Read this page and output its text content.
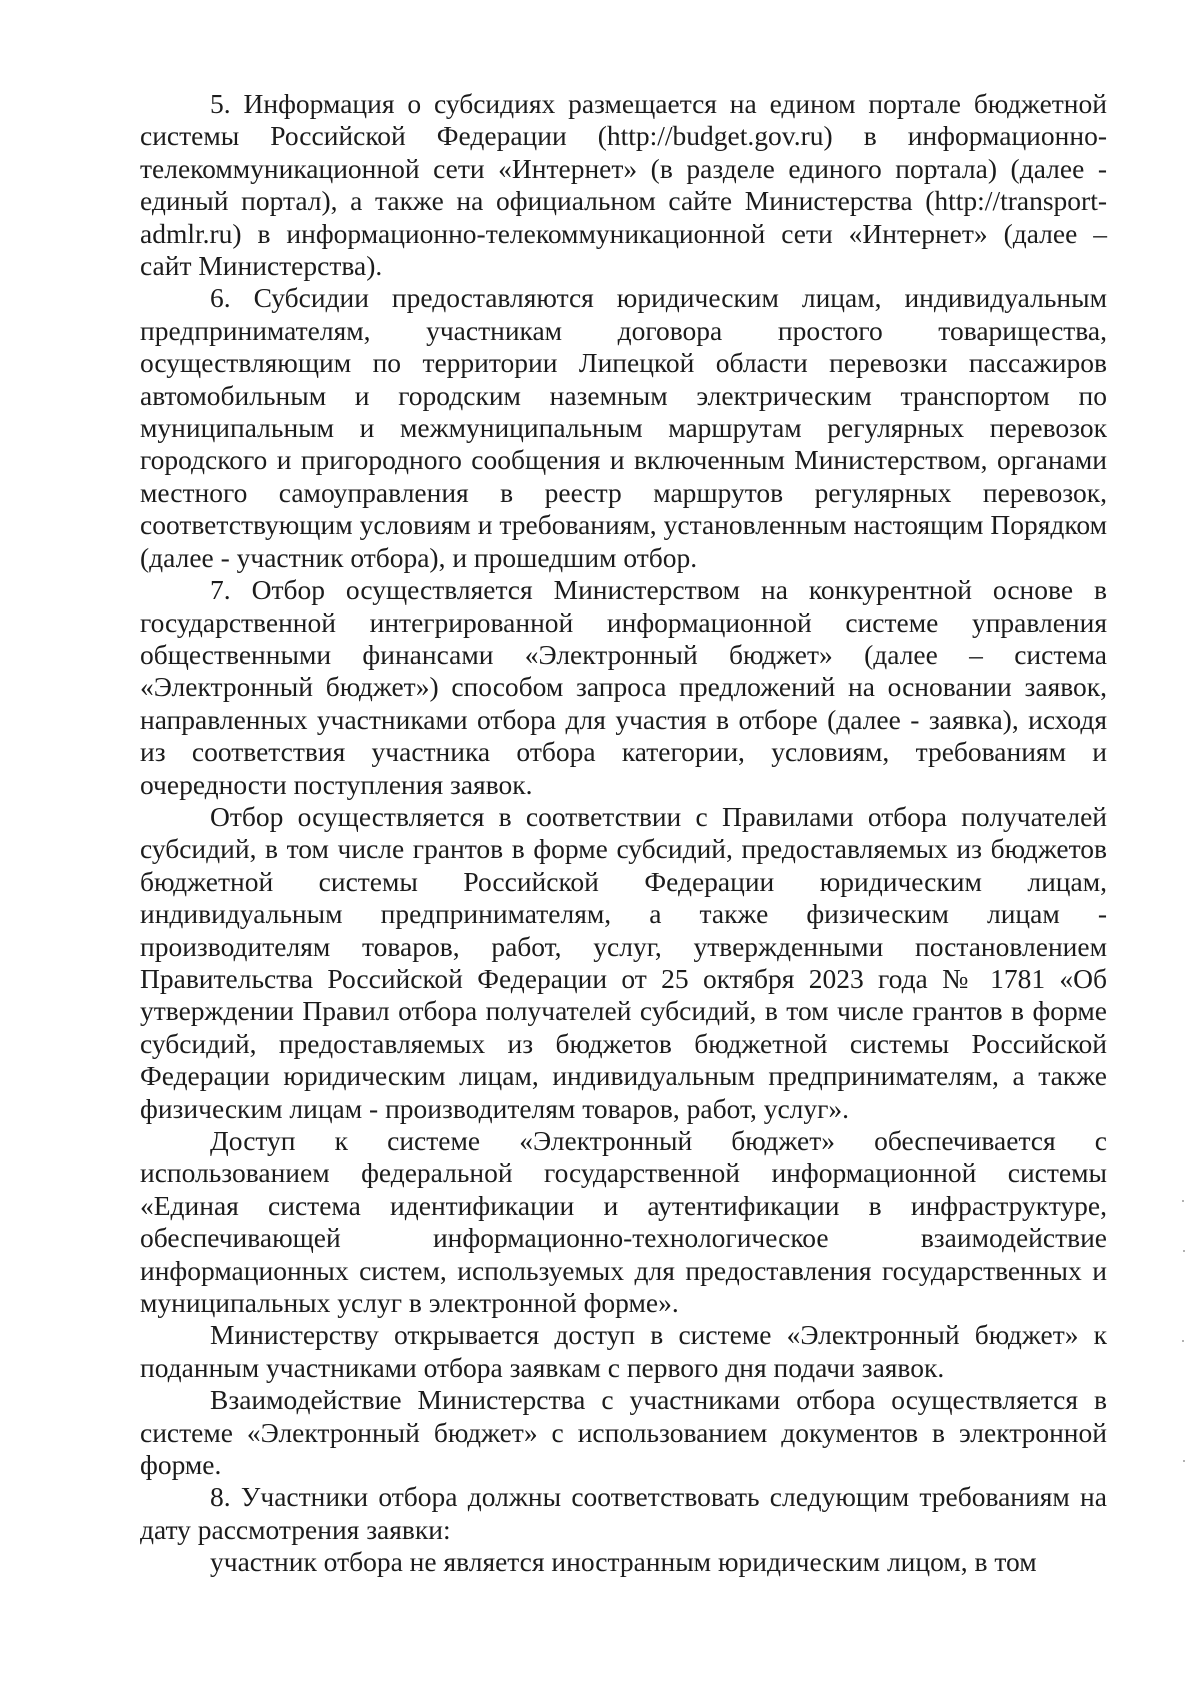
5. Информация о субсидиях размещается на едином портале бюджетной системы Российской Федерации (http://budget.gov.ru) в информационно-телекоммуникационной сети «Интернет» (в разделе единого портала) (далее - единый портал), а также на официальном сайте Министерства (http://transport-admlr.ru) в информационно-телекоммуникационной сети «Интернет» (далее – сайт Министерства).

6. Субсидии предоставляются юридическим лицам, индивидуальным предпринимателям, участникам договора простого товарищества, осуществляющим по территории Липецкой области перевозки пассажиров автомобильным и городским наземным электрическим транспортом по муниципальным и межмуниципальным маршрутам регулярных перевозок городского и пригородного сообщения и включенным Министерством, органами местного самоуправления в реестр маршрутов регулярных перевозок, соответствующим условиям и требованиям, установленным настоящим Порядком (далее - участник отбора), и прошедшим отбор.

7. Отбор осуществляется Министерством на конкурентной основе в государственной интегрированной информационной системе управления общественными финансами «Электронный бюджет» (далее – система «Электронный бюджет») способом запроса предложений на основании заявок, направленных участниками отбора для участия в отборе (далее - заявка), исходя из соответствия участника отбора категории, условиям, требованиям и очередности поступления заявок.

Отбор осуществляется в соответствии с Правилами отбора получателей субсидий, в том числе грантов в форме субсидий, предоставляемых из бюджетов бюджетной системы Российской Федерации юридическим лицам, индивидуальным предпринимателям, а также физическим лицам - производителям товаров, работ, услуг, утвержденными постановлением Правительства Российской Федерации от 25 октября 2023 года № 1781 «Об утверждении Правил отбора получателей субсидий, в том числе грантов в форме субсидий, предоставляемых из бюджетов бюджетной системы Российской Федерации юридическим лицам, индивидуальным предпринимателям, а также физическим лицам - производителям товаров, работ, услуг».

Доступ к системе «Электронный бюджет» обеспечивается с использованием федеральной государственной информационной системы «Единая система идентификации и аутентификации в инфраструктуре, обеспечивающей информационно-технологическое взаимодействие информационных систем, используемых для предоставления государственных и муниципальных услуг в электронной форме».

Министерству открывается доступ в системе «Электронный бюджет» к поданным участниками отбора заявкам с первого дня подачи заявок.

Взаимодействие Министерства с участниками отбора осуществляется в системе «Электронный бюджет» с использованием документов в электронной форме.

8. Участники отбора должны соответствовать следующим требованиям на дату рассмотрения заявки:

участник отбора не является иностранным юридическим лицом, в том
